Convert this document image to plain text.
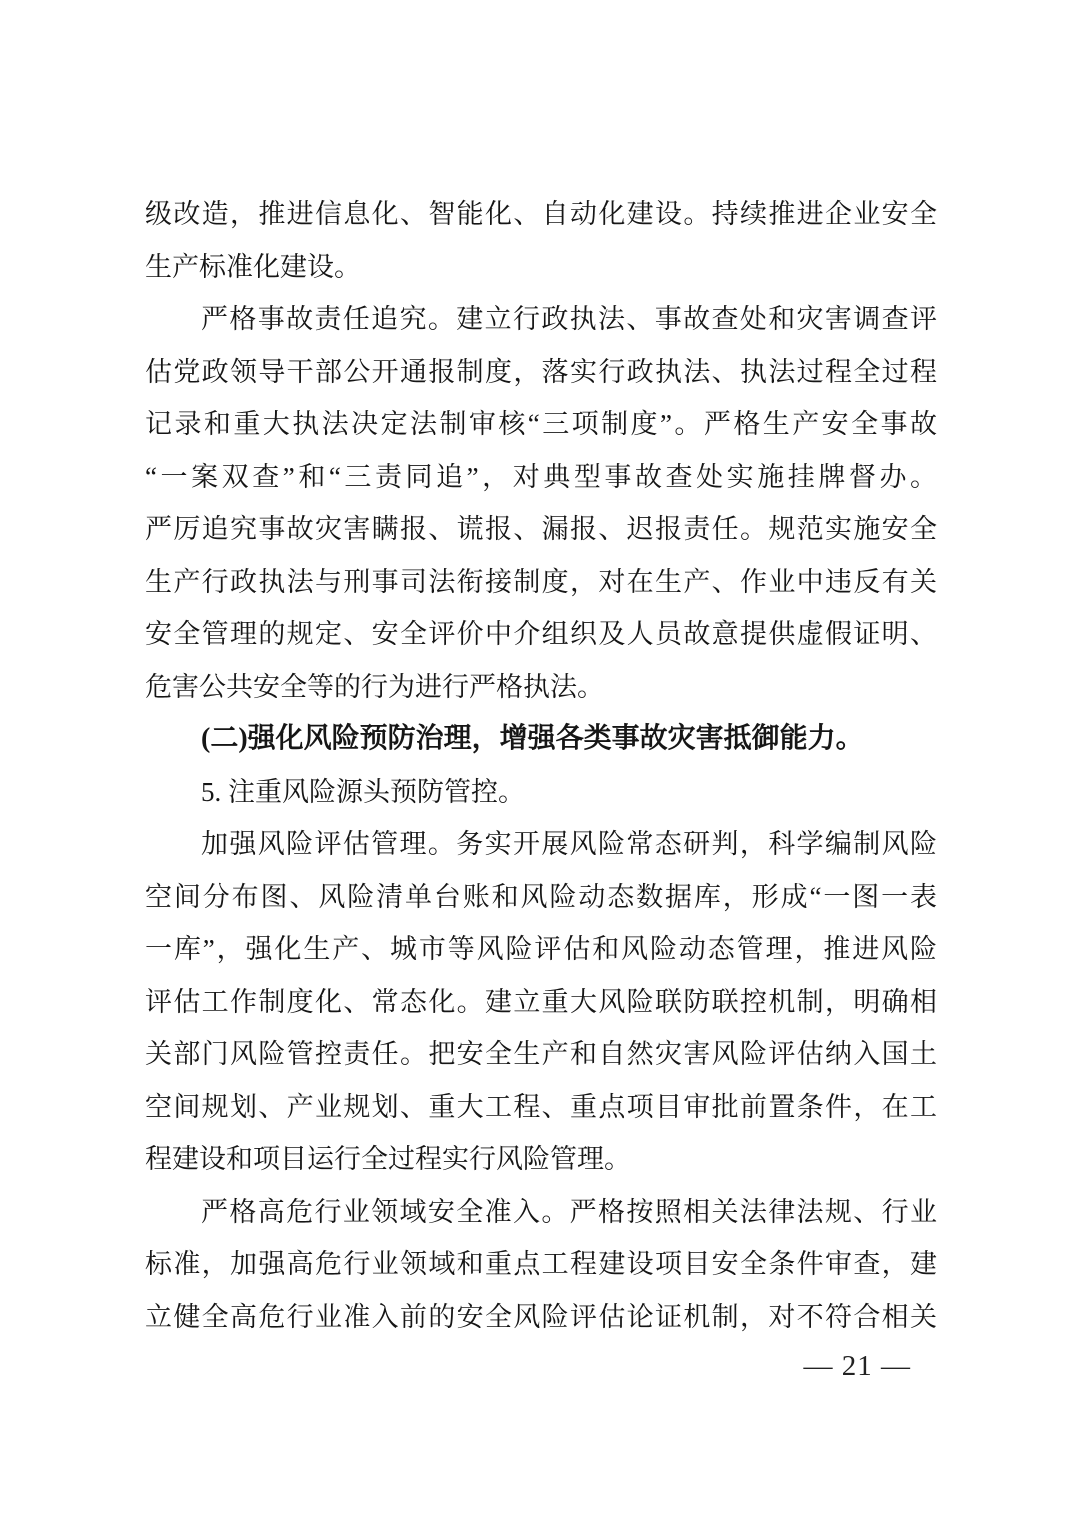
级改造，推进信息化、智能化、自动化建设。持续推进企业安全
生产标准化建设。
严格事故责任追究。建立行政执法、事故查处和灾害调查评
估党政领导干部公开通报制度，落实行政执法、执法过程全过程
记录和重大执法决定法制审核“三项制度”。严格生产安全事故
“一案双查”和“三责同追”，对典型事故查处实施挂牌督办。
严厉追究事故灾害瞒报、谎报、漏报、迟报责任。规范实施安全
生产行政执法与刑事司法衔接制度，对在生产、作业中违反有关
安全管理的规定、安全评价中介组织及人员故意提供虚假证明、
危害公共安全等的行为进行严格执法。
(二)强化风险预防治理，增强各类事故灾害抵御能力。
5. 注重风险源头预防管控。
加强风险评估管理。务实开展风险常态研判，科学编制风险
空间分布图、风险清单台账和风险动态数据库，形成“一图一表
一库”，强化生产、城市等风险评估和风险动态管理，推进风险
评估工作制度化、常态化。建立重大风险联防联控机制，明确相
关部门风险管控责任。把安全生产和自然灾害风险评估纳入国土
空间规划、产业规划、重大工程、重点项目审批前置条件，在工
程建设和项目运行全过程实行风险管理。
严格高危行业领域安全准入。严格按照相关法律法规、行业
标准，加强高危行业领域和重点工程建设项目安全条件审查，建
立健全高危行业准入前的安全风险评估论证机制，对不符合相关
— 21 —
